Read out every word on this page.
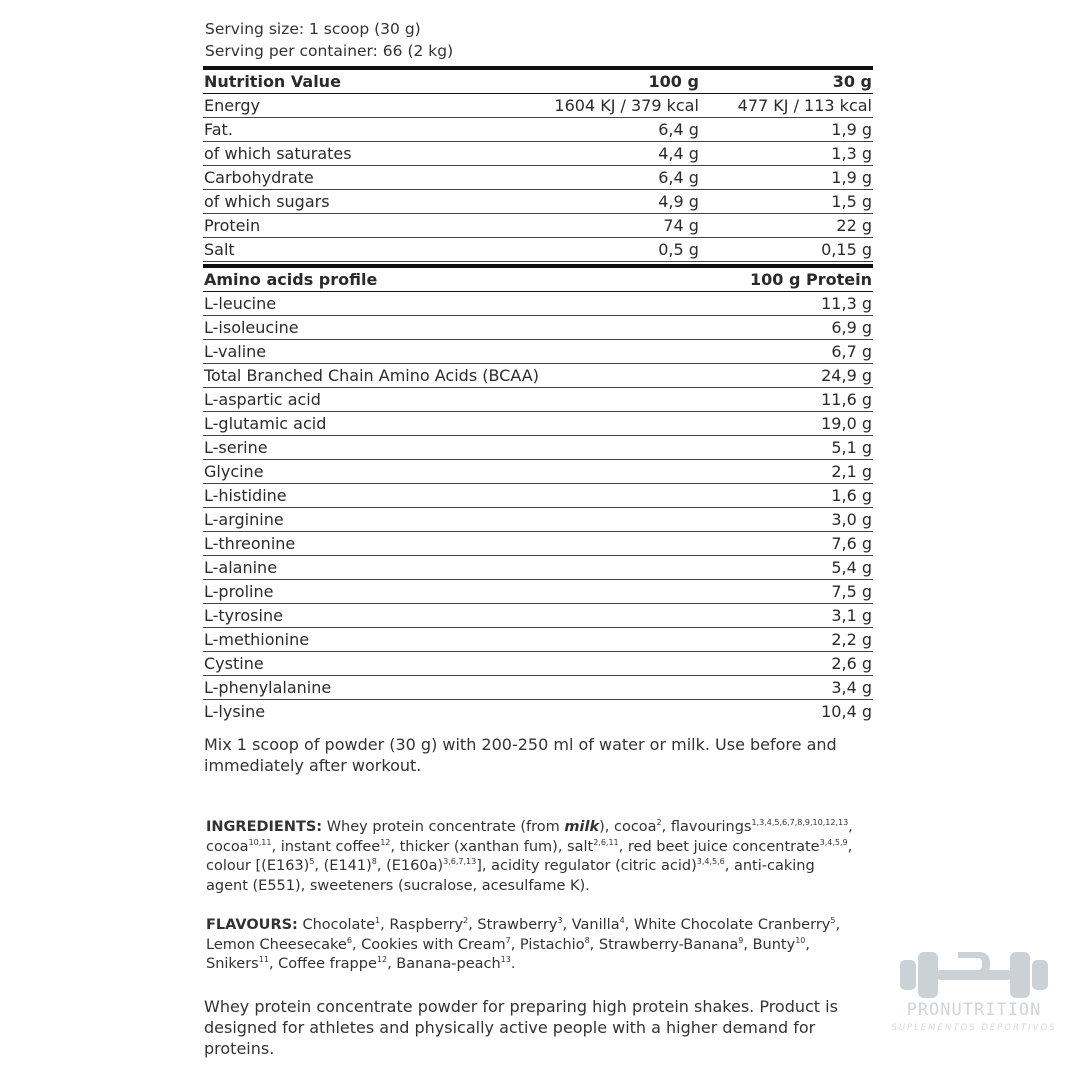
Serving size: 1 scoop (30 g)
Serving per container: 66 (2 kg)
Nutrition Value	100 g	30 g
Energy	1604 KJ / 379 kcal	477 KJ / 113 kcal
Fat.	6,4 g	1,9 g
of which saturates	4,4 g	1,3 g
Carbohydrate	6,4 g	1,9 g
of which sugars	4,9 g	1,5 g
Protein	74 g	22 g
Salt	0,5 g	0,15 g
Amino acids profile	100 g Protein
L-leucine	11,3 g
L-isoleucine	6,9 g
L-valine	6,7 g
Total Branched Chain Amino Acids (BCAA)	24,9 g
L-aspartic acid	11,6 g
L-glutamic acid	19,0 g
L-serine	5,1 g
Glycine	2,1 g
L-histidine	1,6 g
L-arginine	3,0 g
L-threonine	7,6 g
L-alanine	5,4 g
L-proline	7,5 g
L-tyrosine	3,1 g
L-methionine	2,2 g
Cystine	2,6 g
L-phenylalanine	3,4 g
L-lysine	10,4 g
Mix 1 scoop of powder (30 g) with 200-250 ml of water or milk. Use before and immediately after workout.
INGREDIENTS: Whey protein concentrate (from milk), cocoa$^2$, flavourings$^{1,3,4,5,6,7,8,9,10,12,13}$, cocoa$^{10,11}$, instant coffee$^{12}$, thicker (xanthan fum), salt$^{2,6,11}$, red beet juice concentrate$^{3,4,5,9}$, colour [$(E163)^5$, $(E141)^8$, $(E160a)^{3,6,7,13}$], acidity regulator (citric acid)$^{3,4,5,6}$, anti-caking agent (E551), sweeteners (sucralose, acesulfame K).
FLAVOURS: Chocolate$^1$, Raspberry$^2$, Strawberry$^3$, Vanilla$^4$, White Chocolate Cranberry$^5$, Lemon Cheesecake$^6$, Cookies with Cream$^7$, Pistachio$^8$, Strawberry-Banana$^9$, Bunty$^{10}$, Snikers$^{11}$, Coffee frappe$^{12}$, Banana-peach$^{13}$.
Whey protein concentrate powder for preparing high protein shakes. Product is designed for athletes and physically active people with a higher demand for proteins.
PRONUTRITION
SUPLEMENTOS DEPORTIVOS
